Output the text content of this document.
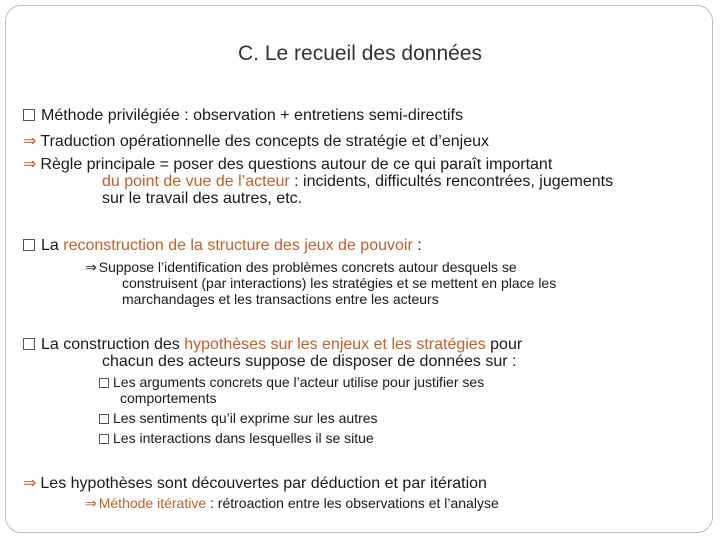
C. Le recueil des données
Méthode privilégiée : observation + entretiens semi-directifs
⇒ Traduction opérationnelle des concepts de stratégie et d’enjeux
⇒ Règle principale = poser des questions autour de ce qui paraît important
du point de vue de l’acteur : incidents, difficultés rencontrées, jugements
sur le travail des autres, etc.
La reconstruction de la structure des jeux de pouvoir :
⇒ Suppose l’identification des problèmes concrets autour desquels se
construisent (par interactions) les stratégies et se mettent en place les
marchandages et les transactions entre les acteurs
La construction des hypothèses sur les enjeux et les stratégies pour
chacun des acteurs suppose de disposer de données sur :
Les arguments concrets que l’acteur utilise pour justifier ses
comportements
Les sentiments qu’il exprime sur les autres
Les interactions dans lesquelles il se situe
⇒ Les hypothèses sont découvertes par déduction et par itération
⇒ Méthode itérative : rétroaction entre les observations et l’analyse
